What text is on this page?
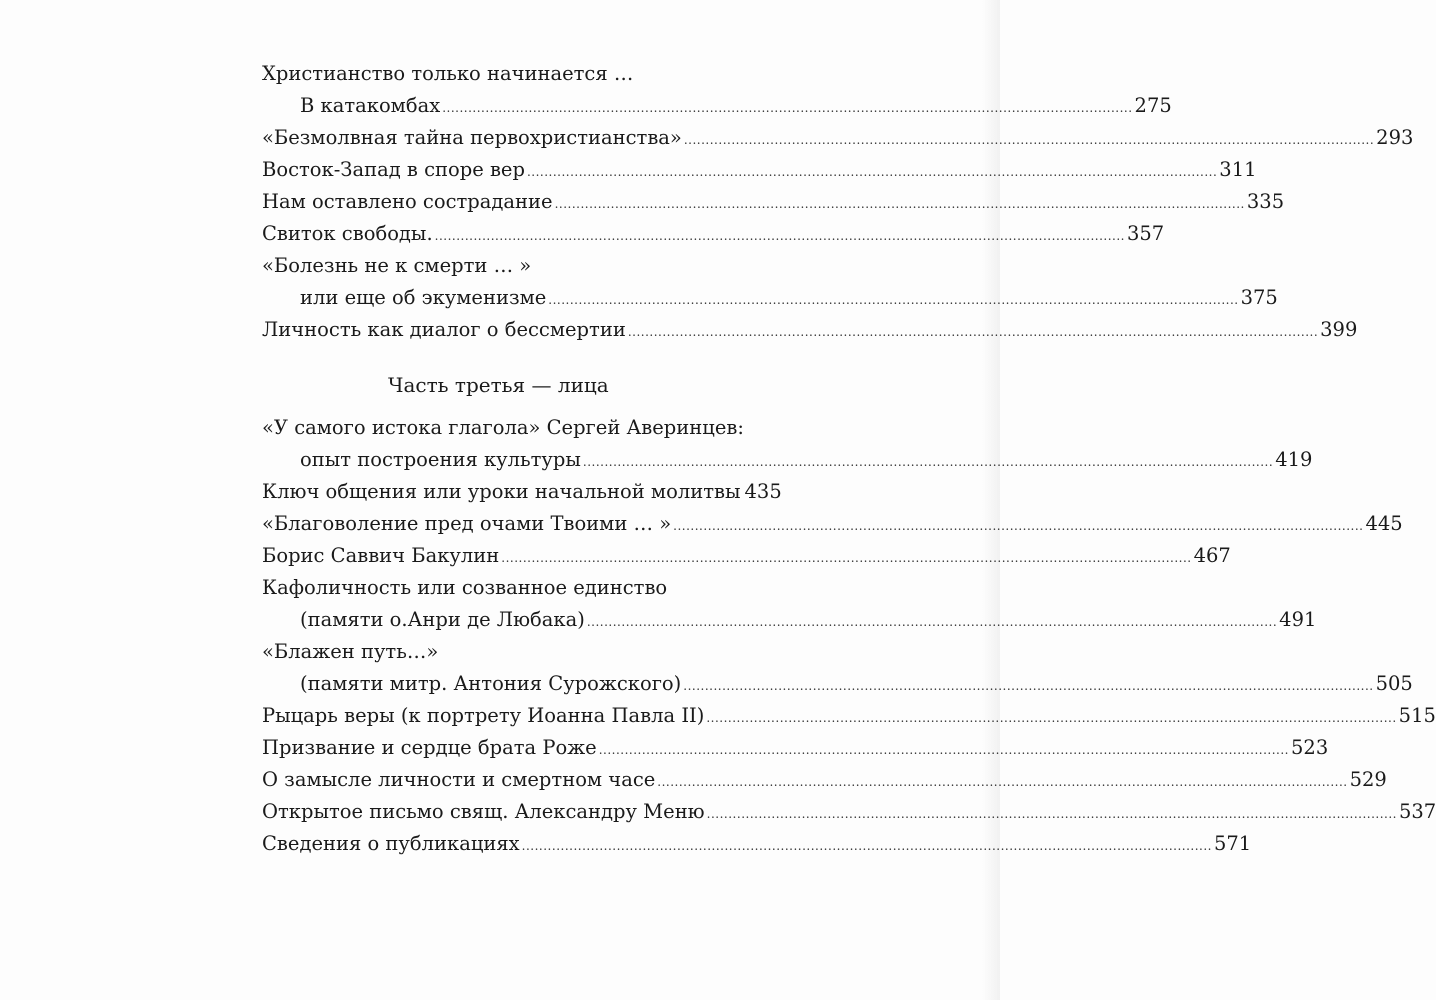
Христианство только начинается …
В катакомбах ................................................................................................................................................................ 275
«Безмолвная тайна первохристианства» ................................................................................................................................................................ 293
Восток-Запад в споре вер ................................................................................................................................................................ 311
Нам оставлено сострадание ................................................................................................................................................................ 335
Свиток свободы. ................................................................................................................................................................ 357
«Болезнь не к смерти … »
или еще об экуменизме ................................................................................................................................................................ 375
Личность как диалог о бессмертии ................................................................................................................................................................ 399
Часть третья — лица
«У самого истока глагола» Сергей Аверинцев:
опыт построения культуры ................................................................................................................................................................ 419
Ключ общения или уроки начальной молитвы 435
«Благоволение пред очами Твоими … » ................................................................................................................................................................ 445
Борис Саввич Бакулин ................................................................................................................................................................ 467
Кафоличность или созванное единство
(памяти о.Анри де Любака) ................................................................................................................................................................ 491
«Блажен путь…»
(памяти митр. Антония Сурожского) ................................................................................................................................................................ 505
Рыцарь веры (к портрету Иоанна Павла II) ................................................................................................................................................................ 515
Призвание и сердце брата Роже ................................................................................................................................................................ 523
О замысле личности и смертном часе ................................................................................................................................................................ 529
Открытое письмо свящ. Александру Меню ................................................................................................................................................................ 537
Сведения о публикациях ................................................................................................................................................................ 571
